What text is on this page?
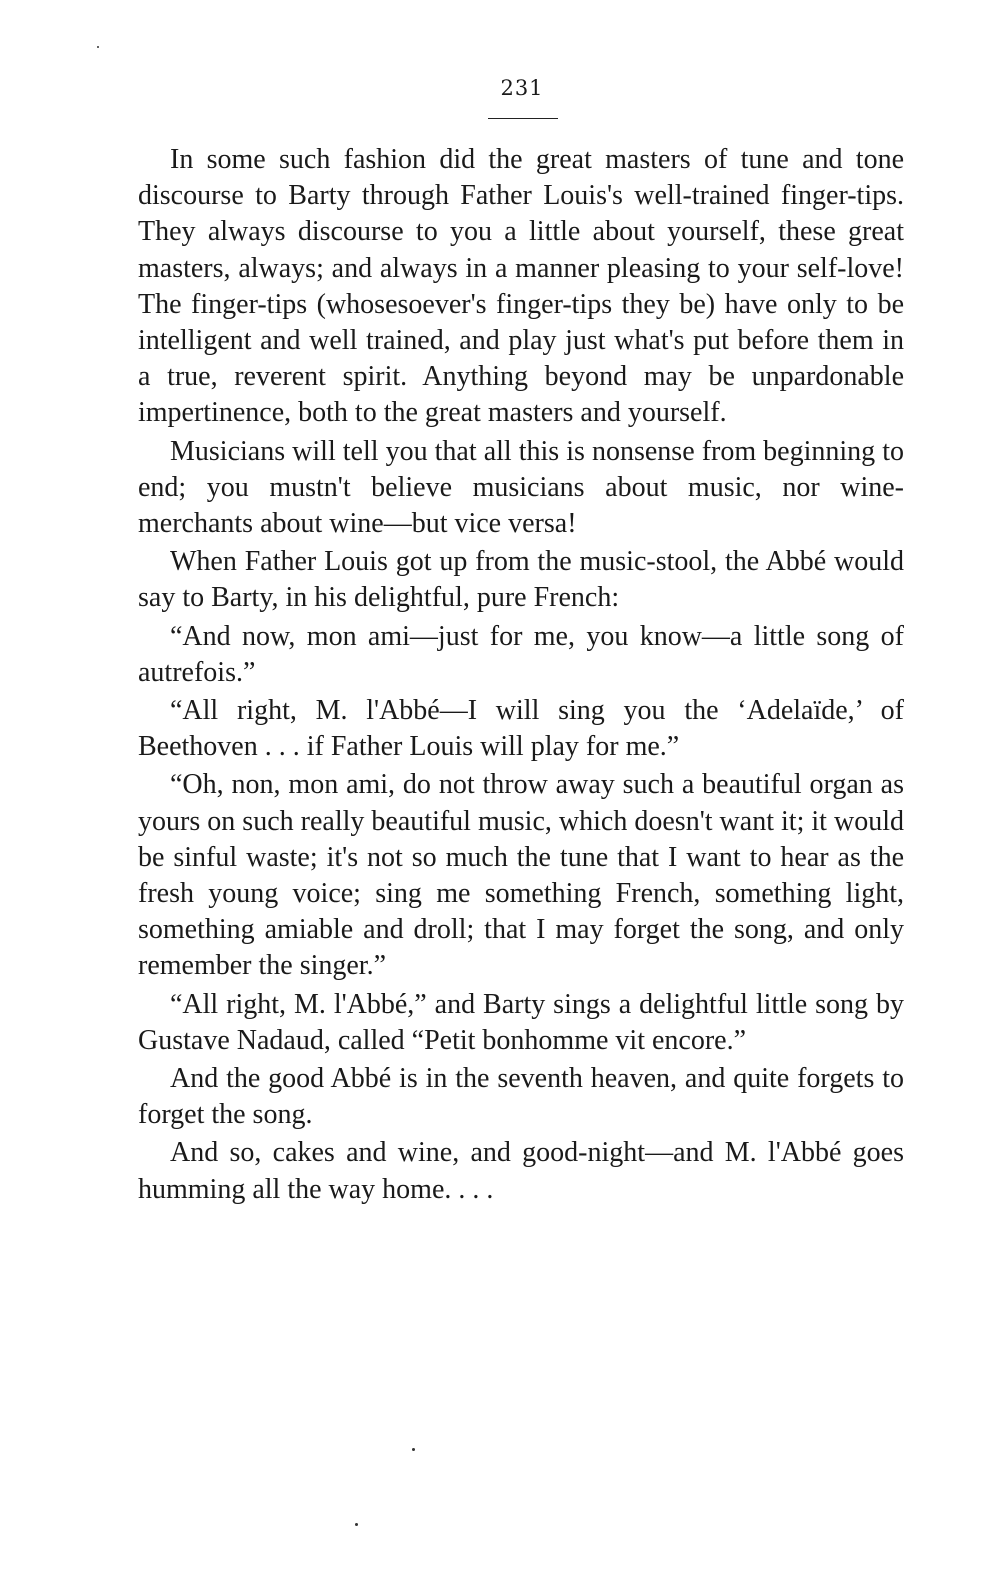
231

In some such fashion did the great masters of tune and tone discourse to Barty through Father Louis's well-trained finger-tips. They always discourse to you a little about yourself, these great masters, always; and always in a manner pleasing to your self-love! The finger-tips (whosesoever's finger-tips they be) have only to be intelligent and well trained, and play just what's put before them in a true, reverent spirit. Anything beyond may be unpardonable impertinence, both to the great masters and yourself.

Musicians will tell you that all this is nonsense from beginning to end; you mustn't believe musicians about music, nor wine-merchants about wine—but vice versa!

When Father Louis got up from the music-stool, the Abbé would say to Barty, in his delightful, pure French:

“And now, mon ami—just for me, you know—a little song of autrefois.”

“All right, M. l'Abbé—I will sing you the ‘Adelaïde,’ of Beethoven . . . if Father Louis will play for me.”

“Oh, non, mon ami, do not throw away such a beautiful organ as yours on such really beautiful music, which doesn't want it; it would be sinful waste; it's not so much the tune that I want to hear as the fresh young voice; sing me something French, something light, something amiable and droll; that I may forget the song, and only remember the singer.”

“All right, M. l'Abbé,” and Barty sings a delightful little song by Gustave Nadaud, called “Petit bonhomme vit encore.”

And the good Abbé is in the seventh heaven, and quite forgets to forget the song.

And so, cakes and wine, and good-night—and M. l'Abbé goes humming all the way home. . . .
